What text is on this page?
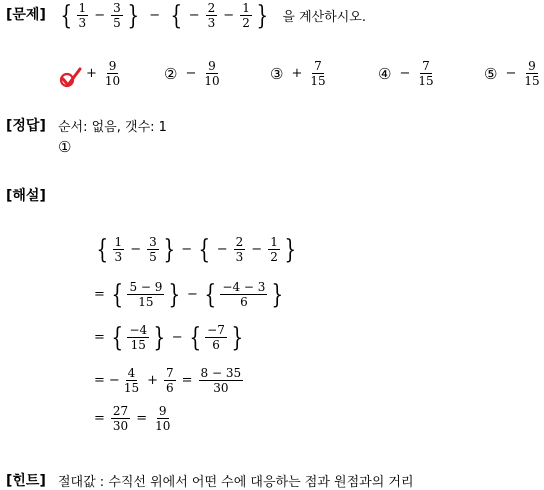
[문제] { $\frac{1}{3} - \frac{3}{5}$ } − { − $\frac{2}{3} - \frac{1}{2}$ } 을 계산하시오.
+ $\frac{9}{10}$	② − $\frac{9}{10}$	③ + $\frac{7}{15}$	④ − $\frac{7}{15}$	⑤ − $\frac{9}{15}$
[정답] 순서: 없음, 갯수: 1
①
[해설]
{ $\frac{1}{3} - \frac{3}{5}$ } − { − $\frac{2}{3} - \frac{1}{2}$ }
= { $\frac{5 - 9}{15}$ } − { $\frac{-4 - 3}{6}$ }
= { $\frac{-4}{15}$ } − { $\frac{-7}{6}$ }
= − $\frac{4}{15} + \frac{7}{6} = \frac{8 - 35}{30}$
= $\frac{27}{30} = \frac{9}{10}$
[힌트] 절대값 : 수직선 위에서 어떤 수에 대응하는 점과 원점과의 거리
